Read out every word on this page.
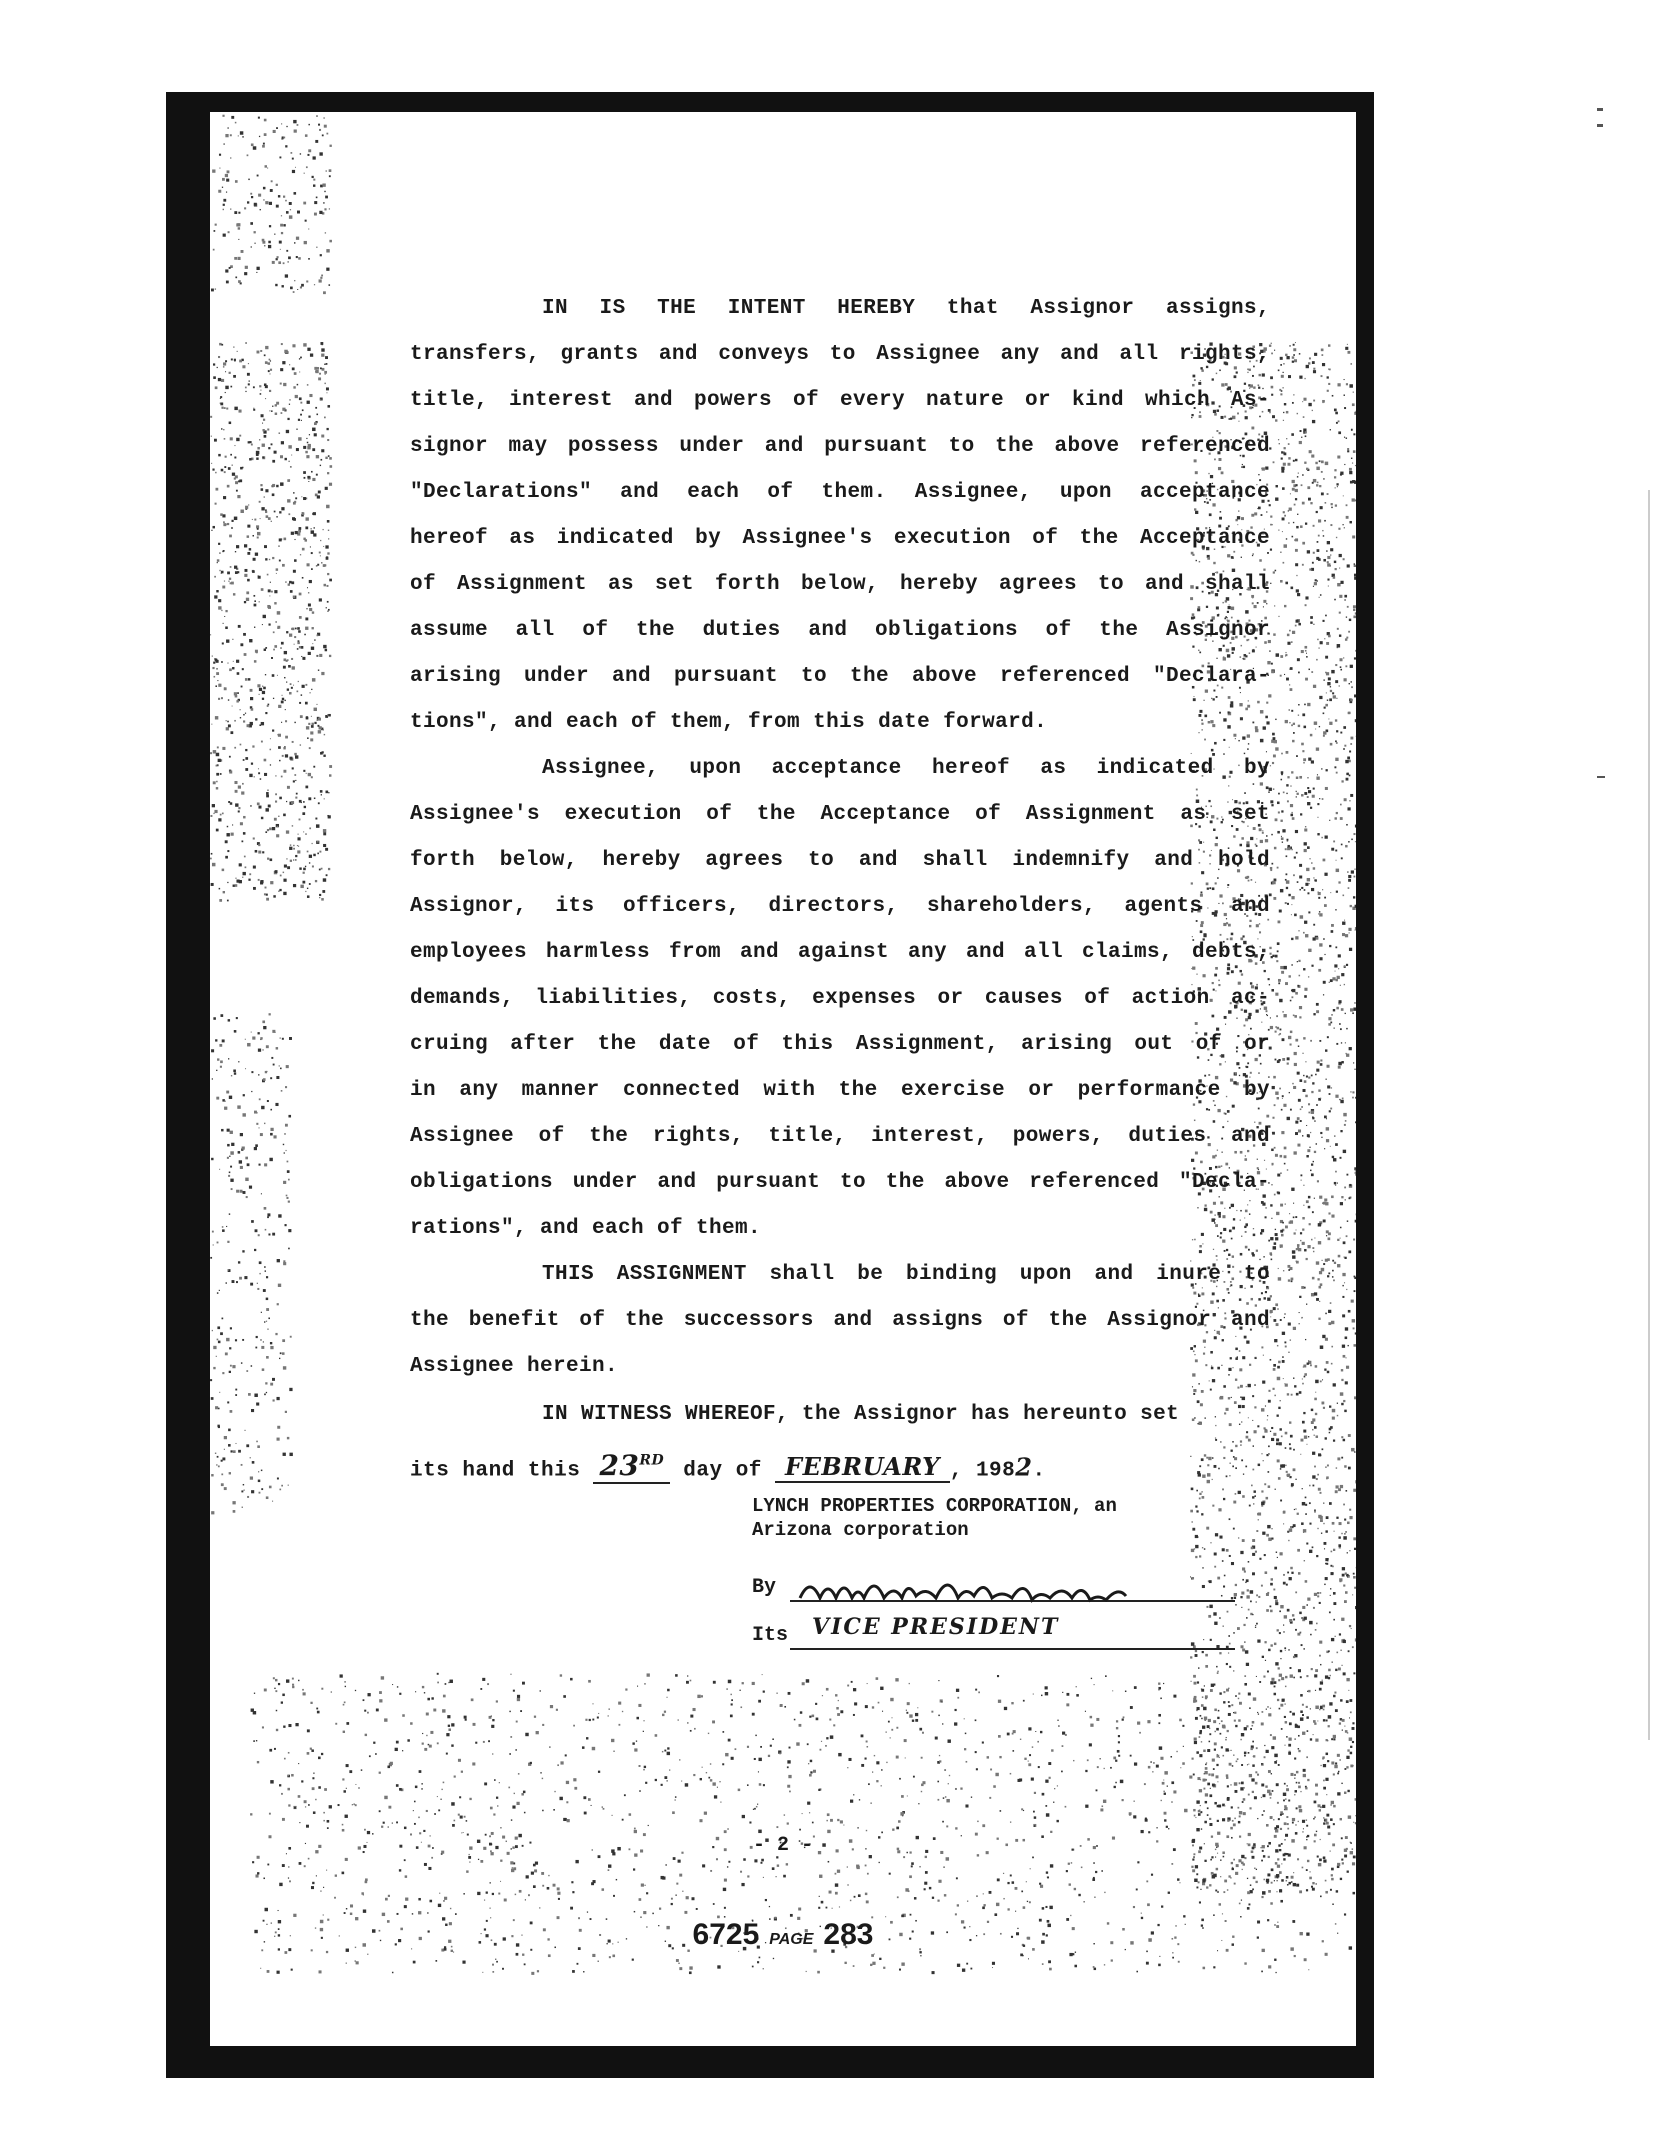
IN IS THE INTENT HEREBY that Assignor assigns,
transfers, grants and conveys to Assignee any and all rights,
title, interest and powers of every nature or kind which As-
signor may possess under and pursuant to the above referenced
"Declarations" and each of them. Assignee, upon acceptance
hereof as indicated by Assignee's execution of the Acceptance
of Assignment as set forth below, hereby agrees to and shall
assume all of the duties and obligations of the Assignor
arising under and pursuant to the above referenced "Declara-
tions", and each of them, from this date forward.
Assignee, upon acceptance hereof as indicated by
Assignee's execution of the Acceptance of Assignment as set
forth below, hereby agrees to and shall indemnify and hold
Assignor, its officers, directors, shareholders, agents and
employees harmless from and against any and all claims, debts,
demands, liabilities, costs, expenses or causes of action ac-
cruing after the date of this Assignment, arising out of or
in any manner connected with the exercise or performance by
Assignee of the rights, title, interest, powers, duties and
obligations under and pursuant to the above referenced "Decla-
rations", and each of them.
THIS ASSIGNMENT shall be binding upon and inure to
the benefit of the successors and assigns of the Assignor and
Assignee herein.
IN WITNESS WHEREOF, the Assignor has hereunto set
its hand this 23RD day of FEBRUARY , 1982.
LYNCH PROPERTIES CORPORATION, an
Arizona corporation
By
Its VICE PRESIDENT
- 2 -
6725 PAGE 283
